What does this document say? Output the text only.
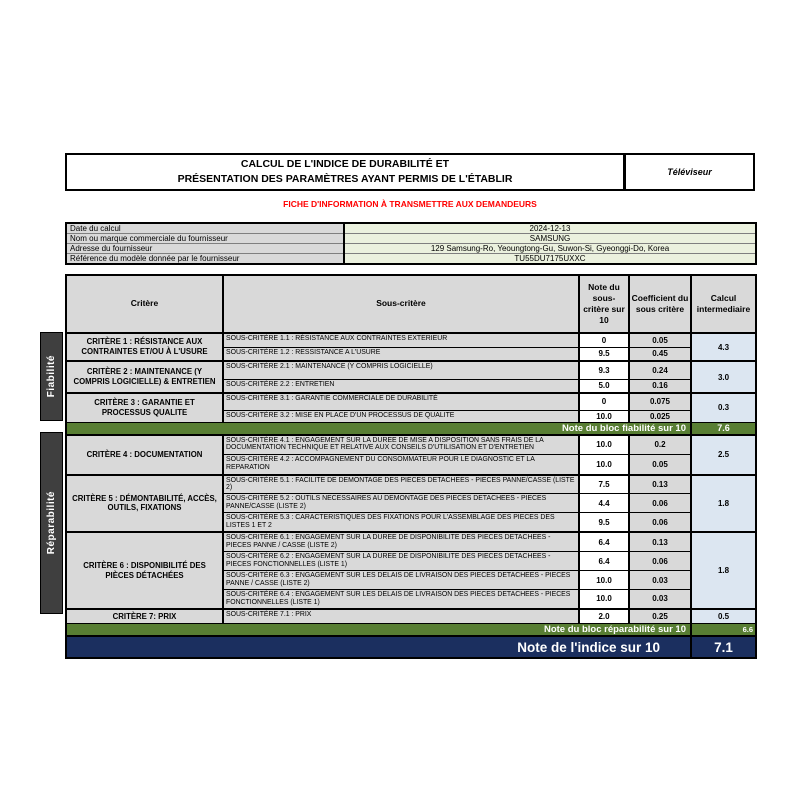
CALCUL DE L'INDICE DE DURABILITÉ ET
PRÉSENTATION DES PARAMÈTRES AYANT PERMIS DE L'ÉTABLIR
Téléviseur
FICHE D'INFORMATION À TRANSMETTRE AUX DEMANDEURS
Date du calcul	2024-12-13
Nom ou marque commerciale du fournisseur	SAMSUNG
Adresse du fournisseur	129 Samsung-Ro, Yeoungtong-Gu, Suwon-Si, Gyeonggi-Do, Korea
Référence du modèle donnée par le fournisseur	TU55DU7175UXXC
Fiabilité
Réparabilité
Critère	Sous-critère	Note du sous-critère sur 10	Coefficient du sous critère	Calcul intermediaire
CRITÈRE 1 : RÉSISTANCE AUX CONTRAINTES ET/OU À L'USURE	SOUS-CRITÈRE 1.1 : RÉSISTANCE AUX CONTRAINTES EXTERIEUR	0	0.05	4.3
	SOUS-CRITÈRE 1.2 : RESSISTANCE A L'USURE	9.5	0.45	
CRITÈRE 2 : MAINTENANCE (Y COMPRIS LOGICIELLE) & ENTRETIEN	SOUS-CRITÈRE 2.1 : MAINTENANCE (Y COMPRIS LOGICIELLE)	9.3	0.24	3.0
	SOUS-CRITÈRE 2.2 : ENTRETIEN	5.0	0.16	
CRITÈRE 3 : GARANTIE ET PROCESSUS QUALITE	SOUS-CRITÈRE 3.1 : GARANTIE COMMERCIALE DE DURABILITÉ	0	0.075	0.3
	SOUS-CRITÈRE 3.2 : MISE EN PLACE D'UN PROCESSUS DE QUALITE	10.0	0.025	
Note du bloc fiabilité sur 10				7.6
CRITÈRE 4 : DOCUMENTATION	SOUS-CRITÈRE 4.1 : ENGAGEMENT SUR LA DUREE DE MISE A DISPOSITION SANS FRAIS DE LA DOCUMENTATION TECHNIQUE ET RELATIVE AUX CONSEILS D'UTILISATION ET D'ENTRETIEN	10.0	0.2	2.5
	SOUS-CRITÈRE 4.2 : ACCOMPAGNEMENT DU CONSOMMATEUR POUR LE DIAGNOSTIC ET LA REPARATION	10.0	0.05	
CRITÈRE 5 : DÉMONTABILITÉ, ACCÈS, OUTILS, FIXATIONS	SOUS-CRITÈRE 5.1 : FACILITE DE DEMONTAGE DES PIECES DETACHEES - PIECES PANNE/CASSE (LISTE 2)	7.5	0.13	1.8
	SOUS-CRITÈRE 5.2 : OUTILS NECESSAIRES AU DEMONTAGE DES PIECES DETACHEES - PIECES PANNE/CASSE (LISTE 2)	4.4	0.06	
	SOUS-CRITÈRE 5.3 : CARACTERISTIQUES DES FIXATIONS POUR L'ASSEMBLAGE DES PIECES DES LISTES 1 ET 2	9.5	0.06	
CRITÈRE 6 : DISPONIBILITÉ DES PIÈCES DÉTACHÉES	SOUS-CRITÈRE 6.1 : ENGAGEMENT SUR LA DUREE DE DISPONIBILITE DES PIECES DETACHEES - PIECES PANNE / CASSE (LISTE 2)	6.4	0.13	1.8
	SOUS-CRITÈRE 6.2 : ENGAGEMENT SUR LA DUREE DE DISPONIBILITE DES PIECES DETACHEES - PIECES FONCTIONNELLES (LISTE 1)	6.4	0.06	
	SOUS-CRITÈRE 6.3 : ENGAGEMENT SUR LES DELAIS DE LIVRAISON DES PIECES DETACHEES - PIECES PANNE / CASSE (LISTE 2)	10.0	0.03	
	SOUS-CRITÈRE 6.4 : ENGAGEMENT SUR LES DELAIS DE LIVRAISON DES PIECES DETACHEES - PIECES FONCTIONNELLES (LISTE 1)	10.0	0.03	
CRITÈRE 7: PRIX	SOUS-CRITÈRE 7.1 : PRIX	2.0	0.25	0.5
Note du bloc réparabilité sur 10				6.6
Note de l'indice sur 10				7.1
